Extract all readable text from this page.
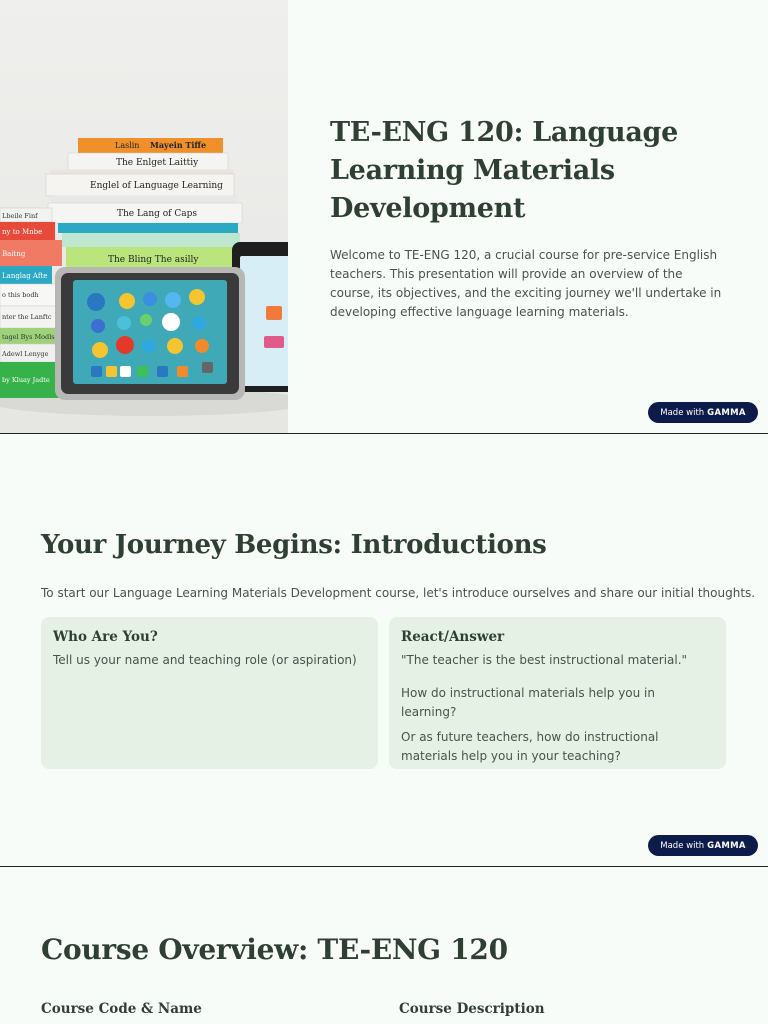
Laslin Mayein Tiffe
The Enlget Laittiy
Englel of Language Learning
The Lang of Caps
The Bling The asilly
Lbeile Finf
ny to Mnbe
Baitng
Langlag Afte
o this bodh
nter the Lanftc
tagel Bys Modls
Adewl Lenyge
by Kluay Jadte
TE-ENG 120: Language Learning Materials Development

Welcome to TE-ENG 120, a crucial course for pre-service English teachers. This presentation will provide an overview of the course, its objectives, and the exciting journey we'll undertake in developing effective language learning materials.

Made with GAMMA
Your Journey Begins: Introductions

To start our Language Learning Materials Development course, let's introduce ourselves and share our initial thoughts.

Who Are You?

Tell us your name and teaching role (or aspiration)

React/Answer

"The teacher is the best instructional material."

How do instructional materials help you in learning?

Or as future teachers, how do instructional materials help you in your teaching?

Made with GAMMA
Course Overview: TE-ENG 120
Course Code & Name	Course Description
